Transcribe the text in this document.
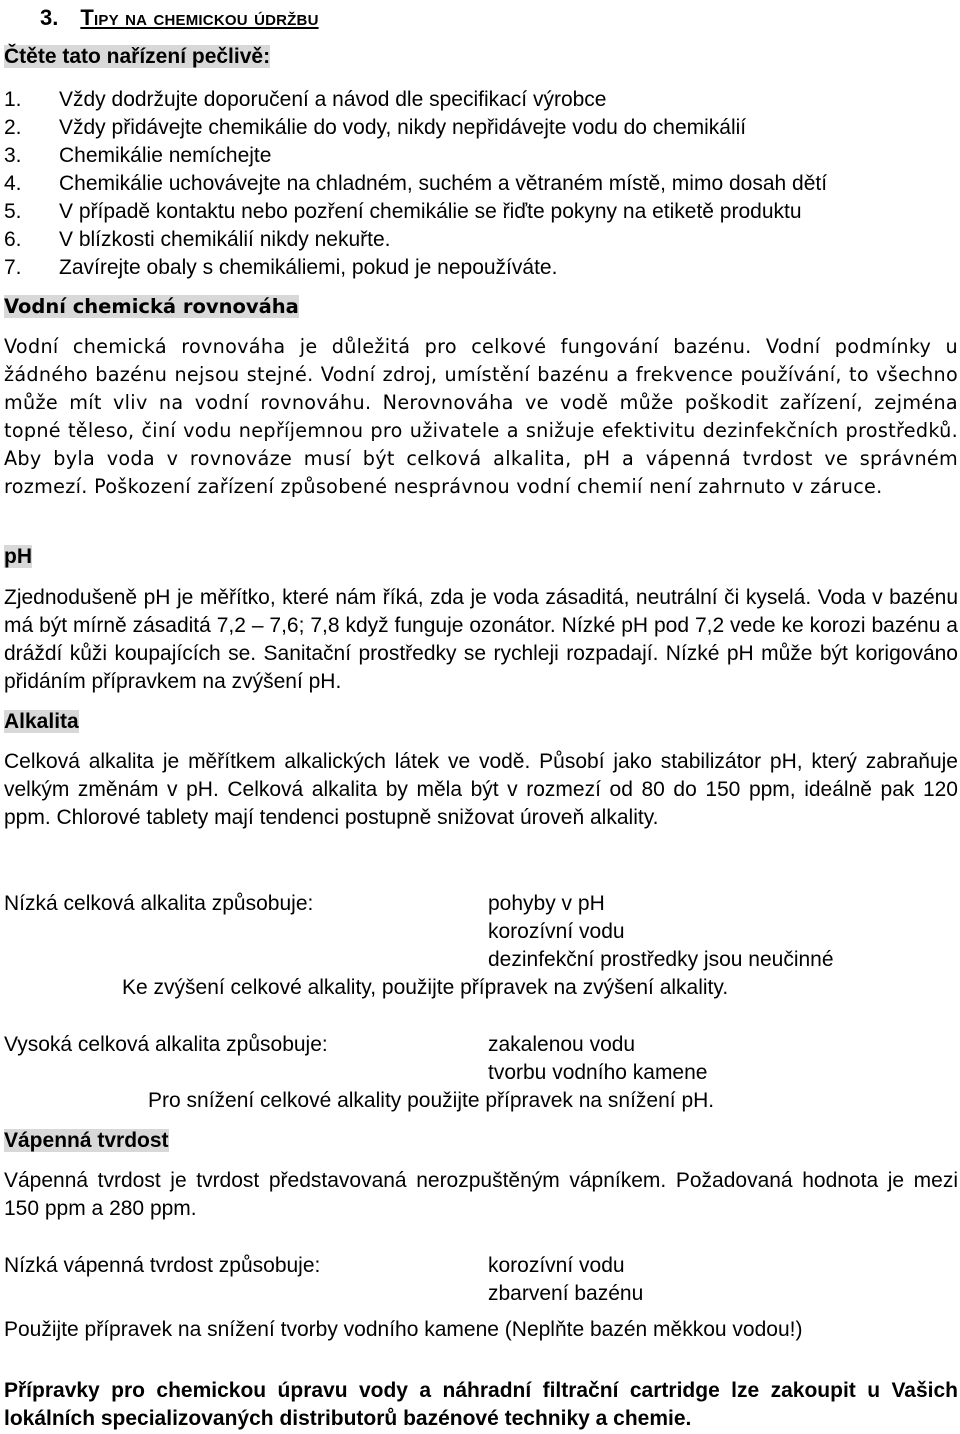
3. Tipy na chemickou údržbu
Čtěte tato nařízení pečlivě:
1.	Vždy dodržujte doporučení a návod dle specifikací výrobce
2.	Vždy přidávejte chemikálie do vody, nikdy nepřidávejte vodu do chemikálií
3.	Chemikálie nemíchejte
4.	Chemikálie uchovávejte na chladném, suchém a větraném místě, mimo dosah dětí
5.	V případě kontaktu nebo pozření chemikálie se řiďte pokyny na etiketě produktu
6.	V blízkosti chemikálií nikdy nekuřte.
7.	Zavírejte obaly s chemikáliemi, pokud je nepoužíváte.
Vodní chemická rovnováha

Vodní chemická rovnováha je důležitá pro celkové fungování bazénu. Vodní podmínky u žádného bazénu nejsou stejné. Vodní zdroj, umístění bazénu a frekvence používání, to všechno může mít vliv na vodní rovnováhu. Nerovnováha ve vodě může poškodit zařízení, zejména topné těleso, činí vodu nepříjemnou pro uživatele a snižuje efektivitu dezinfekčních prostředků. Aby byla voda v rovnováze musí být celková alkalita, pH a vápenná tvrdost ve správném rozmezí. Poškození zařízení způsobené nesprávnou vodní chemií není zahrnuto v záruce.

pH

Zjednodušeně pH je měřítko, které nám říká, zda je voda zásaditá, neutrální či kyselá. Voda v bazénu má být mírně zásaditá 7,2 – 7,6; 7,8 když funguje ozonátor. Nízké pH pod 7,2 vede ke korozi bazénu a dráždí kůži koupajících se. Sanitační prostředky se rychleji rozpadají. Nízké pH může být korigováno přidáním přípravkem na zvýšení pH.

Alkalita

Celková alkalita je měřítkem alkalických látek ve vodě. Působí jako stabilizátor pH, který zabraňuje velkým změnám v pH. Celková alkalita by měla být v rozmezí od 80 do 150 ppm, ideálně pak 120 ppm. Chlorové tablety mají tendenci postupně snižovat úroveň alkality.

Nízká celková alkalita způsobuje:	pohyby v pH
korozívní vodu
dezinfekční prostředky jsou neučinné
Ke zvýšení celkové alkality, použijte přípravek na zvýšení alkality.
Vysoká celková alkalita způsobuje:	zakalenou vodu
tvorbu vodního kamene
Pro snížení celkové alkality použijte přípravek na snížení pH.
Vápenná tvrdost

Vápenná tvrdost je tvrdost představovaná nerozpuštěným vápníkem. Požadovaná hodnota je mezi 150 ppm a 280 ppm.

Nízká vápenná tvrdost způsobuje:	korozívní vodu
zbarvení bazénu
Použijte přípravek na snížení tvorby vodního kamene (Neplňte bazén měkkou vodou!)

Přípravky pro chemickou úpravu vody a náhradní filtrační cartridge lze zakoupit u Vašich lokálních specializovaných distributorů bazénové techniky a chemie.
